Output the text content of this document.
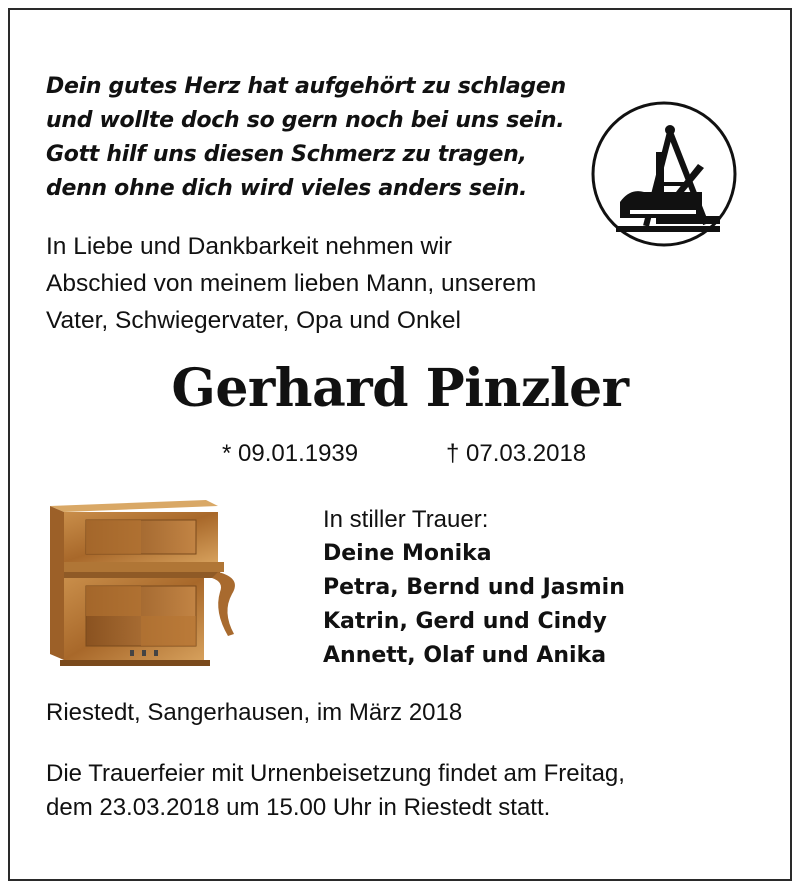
Dein gutes Herz hat aufgehört zu schlagen
und wollte doch so gern noch bei uns sein.
Gott hilf uns diesen Schmerz zu tragen,
denn ohne dich wird vieles anders sein.
In Liebe und Dankbarkeit nehmen wir
Abschied von meinem lieben Mann, unserem
Vater, Schwiegervater, Opa und Onkel
Gerhard Pinzler
* 09.01.1939	† 07.03.2018
In stiller Trauer:
Deine Monika
Petra, Bernd und Jasmin
Katrin, Gerd und Cindy
Annett, Olaf und Anika
Riestedt, Sangerhausen, im März 2018
Die Trauerfeier mit Urnenbeisetzung findet am Freitag,
dem 23.03.2018 um 15.00 Uhr in Riestedt statt.
